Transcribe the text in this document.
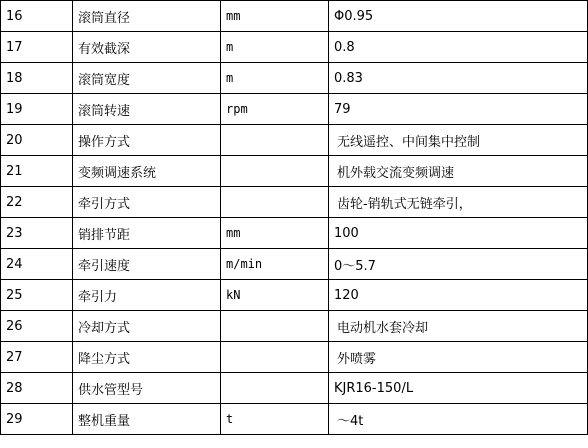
16	滚筒直径	mm	Φ0.95
17	有效截深	m	0.8
18	滚筒宽度	m	0.83
19	滚筒转速	rpm	79
20	操作方式		无线遥控、中间集中控制
21	变频调速系统		机外载交流变频调速
22	牵引方式		齿轮-销轨式无链牵引，
23	销排节距	mm	100
24	牵引速度	m/min	0～5.7
25	牵引力	kN	120
26	冷却方式		电动机水套冷却
27	降尘方式		外喷雾
28	供水管型号		KJR16-150/L
29	整机重量	t	～4t
